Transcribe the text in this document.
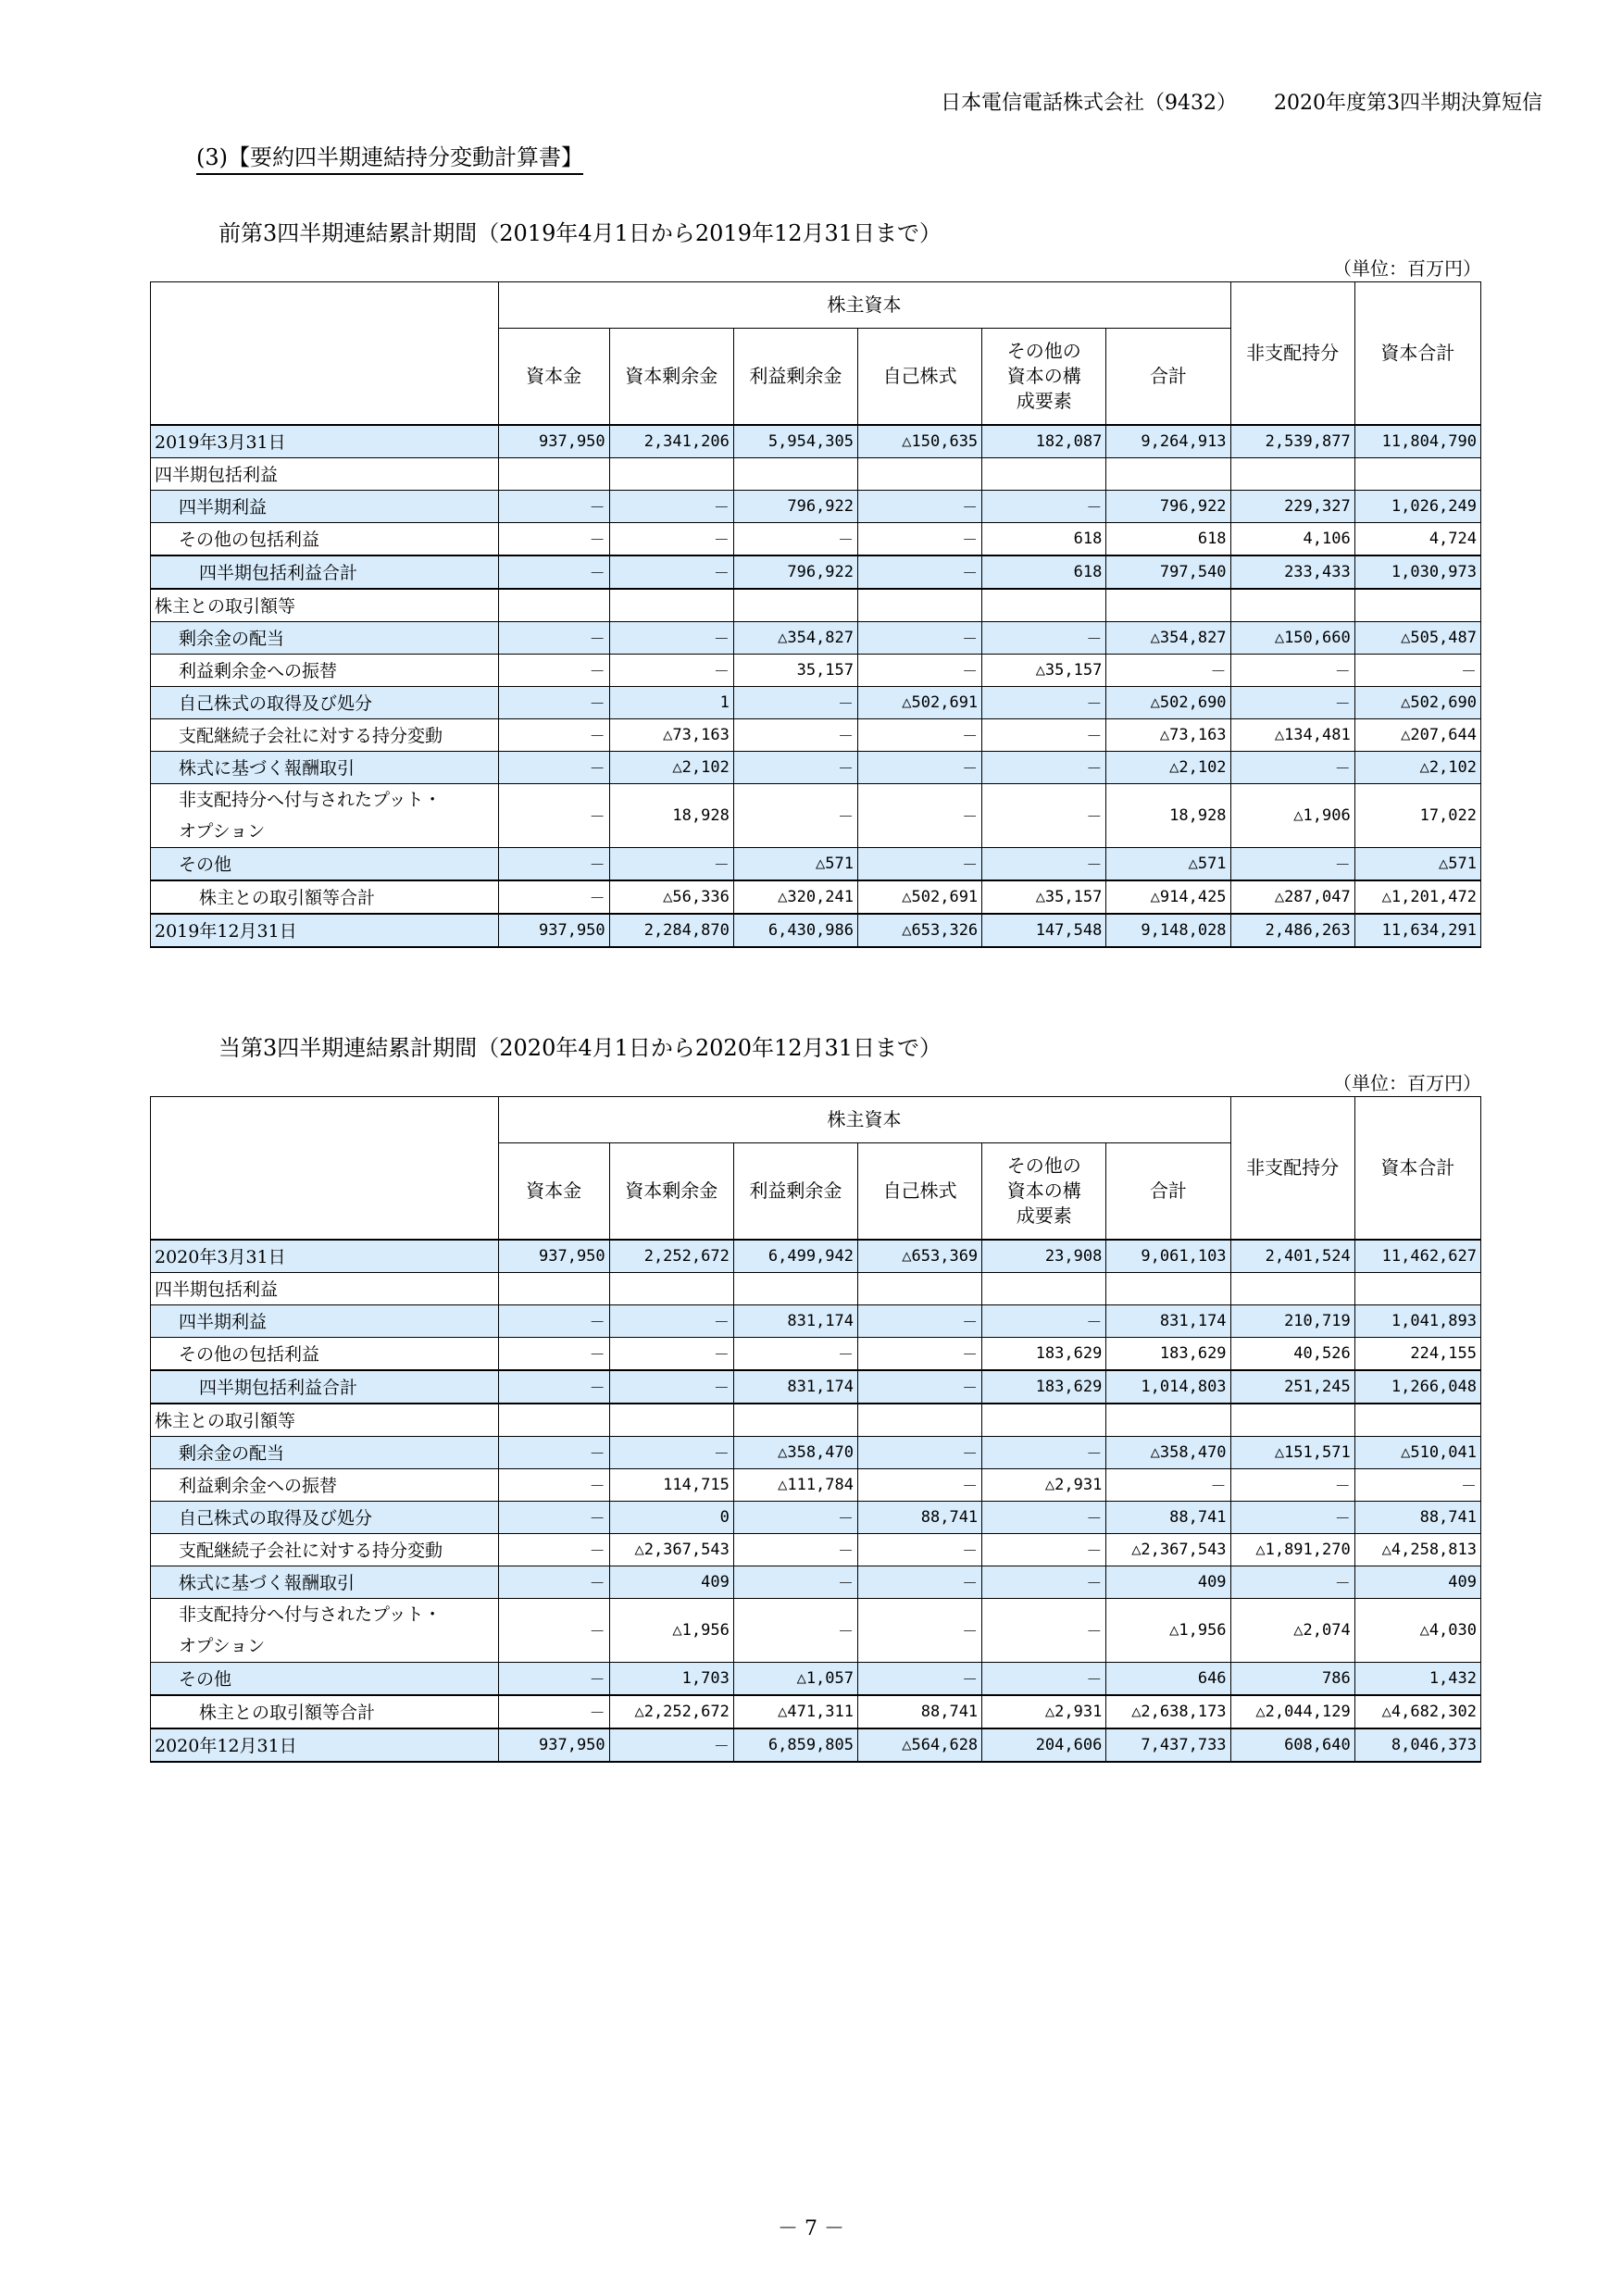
日本電信電話株式会社（9432） 2020年度第3四半期決算短信
(3)【要約四半期連結持分変動計算書】
前第3四半期連結累計期間（2019年4月1日から2019年12月31日まで）
（単位：百万円）
	株主資本						非支配持分	資本合計
	資本金	資本剰余金	利益剰余金	自己株式	その他の
資本の構
成要素	合計		
2019年3月31日	937,950	2,341,206	5,954,305	△150,635	182,087	9,264,913	2,539,877	11,804,790
四半期包括利益								
四半期利益	－	－	796,922	－	－	796,922	229,327	1,026,249
その他の包括利益	－	－	－	－	618	618	4,106	4,724
四半期包括利益合計	－	－	796,922	－	618	797,540	233,433	1,030,973
株主との取引額等								
剰余金の配当	－	－	△354,827	－	－	△354,827	△150,660	△505,487
利益剰余金への振替	－	－	35,157	－	△35,157	－	－	－
自己株式の取得及び処分	－	1	－	△502,691	－	△502,690	－	△502,690
支配継続子会社に対する持分変動	－	△73,163	－	－	－	△73,163	△134,481	△207,644
株式に基づく報酬取引	－	△2,102	－	－	－	△2,102	－	△2,102
非支配持分へ付与されたプット・
オプション	－	18,928	－	－	－	18,928	△1,906	17,022
その他	－	－	△571	－	－	△571	－	△571
株主との取引額等合計	－	△56,336	△320,241	△502,691	△35,157	△914,425	△287,047	△1,201,472
2019年12月31日	937,950	2,284,870	6,430,986	△653,326	147,548	9,148,028	2,486,263	11,634,291
当第3四半期連結累計期間（2020年4月1日から2020年12月31日まで）
（単位：百万円）
	株主資本						非支配持分	資本合計
	資本金	資本剰余金	利益剰余金	自己株式	その他の
資本の構
成要素	合計		
2020年3月31日	937,950	2,252,672	6,499,942	△653,369	23,908	9,061,103	2,401,524	11,462,627
四半期包括利益								
四半期利益	－	－	831,174	－	－	831,174	210,719	1,041,893
その他の包括利益	－	－	－	－	183,629	183,629	40,526	224,155
四半期包括利益合計	－	－	831,174	－	183,629	1,014,803	251,245	1,266,048
株主との取引額等								
剰余金の配当	－	－	△358,470	－	－	△358,470	△151,571	△510,041
利益剰余金への振替	－	114,715	△111,784	－	△2,931	－	－	－
自己株式の取得及び処分	－	0	－	88,741	－	88,741	－	88,741
支配継続子会社に対する持分変動	－	△2,367,543	－	－	－	△2,367,543	△1,891,270	△4,258,813
株式に基づく報酬取引	－	409	－	－	－	409	－	409
非支配持分へ付与されたプット・
オプション	－	△1,956	－	－	－	△1,956	△2,074	△4,030
その他	－	1,703	△1,057	－	－	646	786	1,432
株主との取引額等合計	－	△2,252,672	△471,311	88,741	△2,931	△2,638,173	△2,044,129	△4,682,302
2020年12月31日	937,950	－	6,859,805	△564,628	204,606	7,437,733	608,640	8,046,373
－ 7 －
